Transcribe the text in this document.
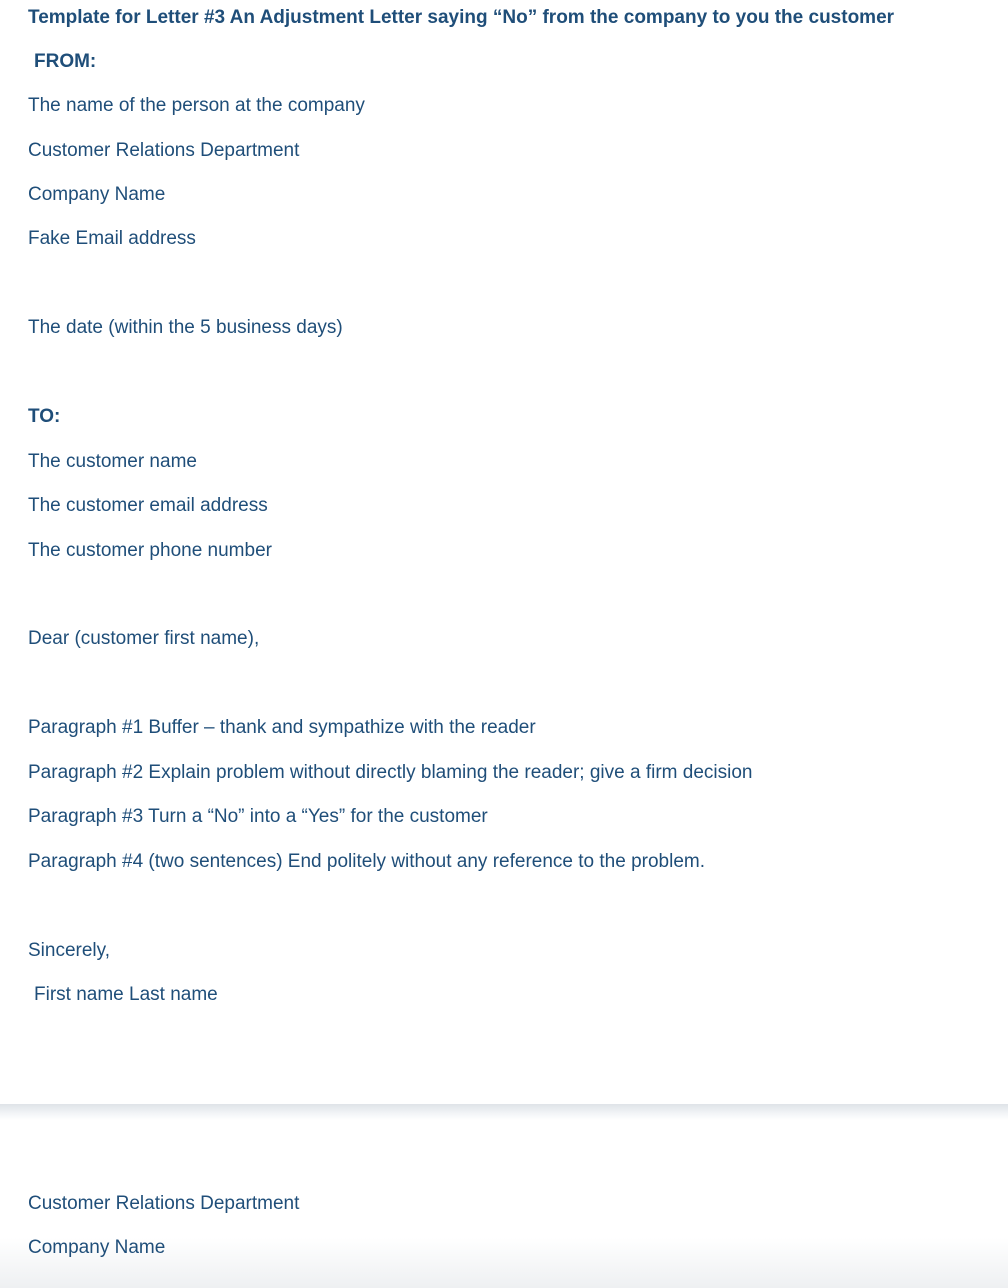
Template for Letter #3 An Adjustment Letter saying “No” from the company to you the customer
FROM:
The name of the person at the company
Customer Relations Department
Company Name
Fake Email address
The date (within the 5 business days)
TO:
The customer name
The customer email address
The customer phone number
Dear (customer first name),
Paragraph #1 Buffer – thank and sympathize with the reader
Paragraph #2 Explain problem without directly blaming the reader; give a firm decision
Paragraph #3 Turn a “No” into a “Yes” for the customer
Paragraph #4 (two sentences) End politely without any reference to the problem.
Sincerely,
First name Last name
Customer Relations Department
Company Name
